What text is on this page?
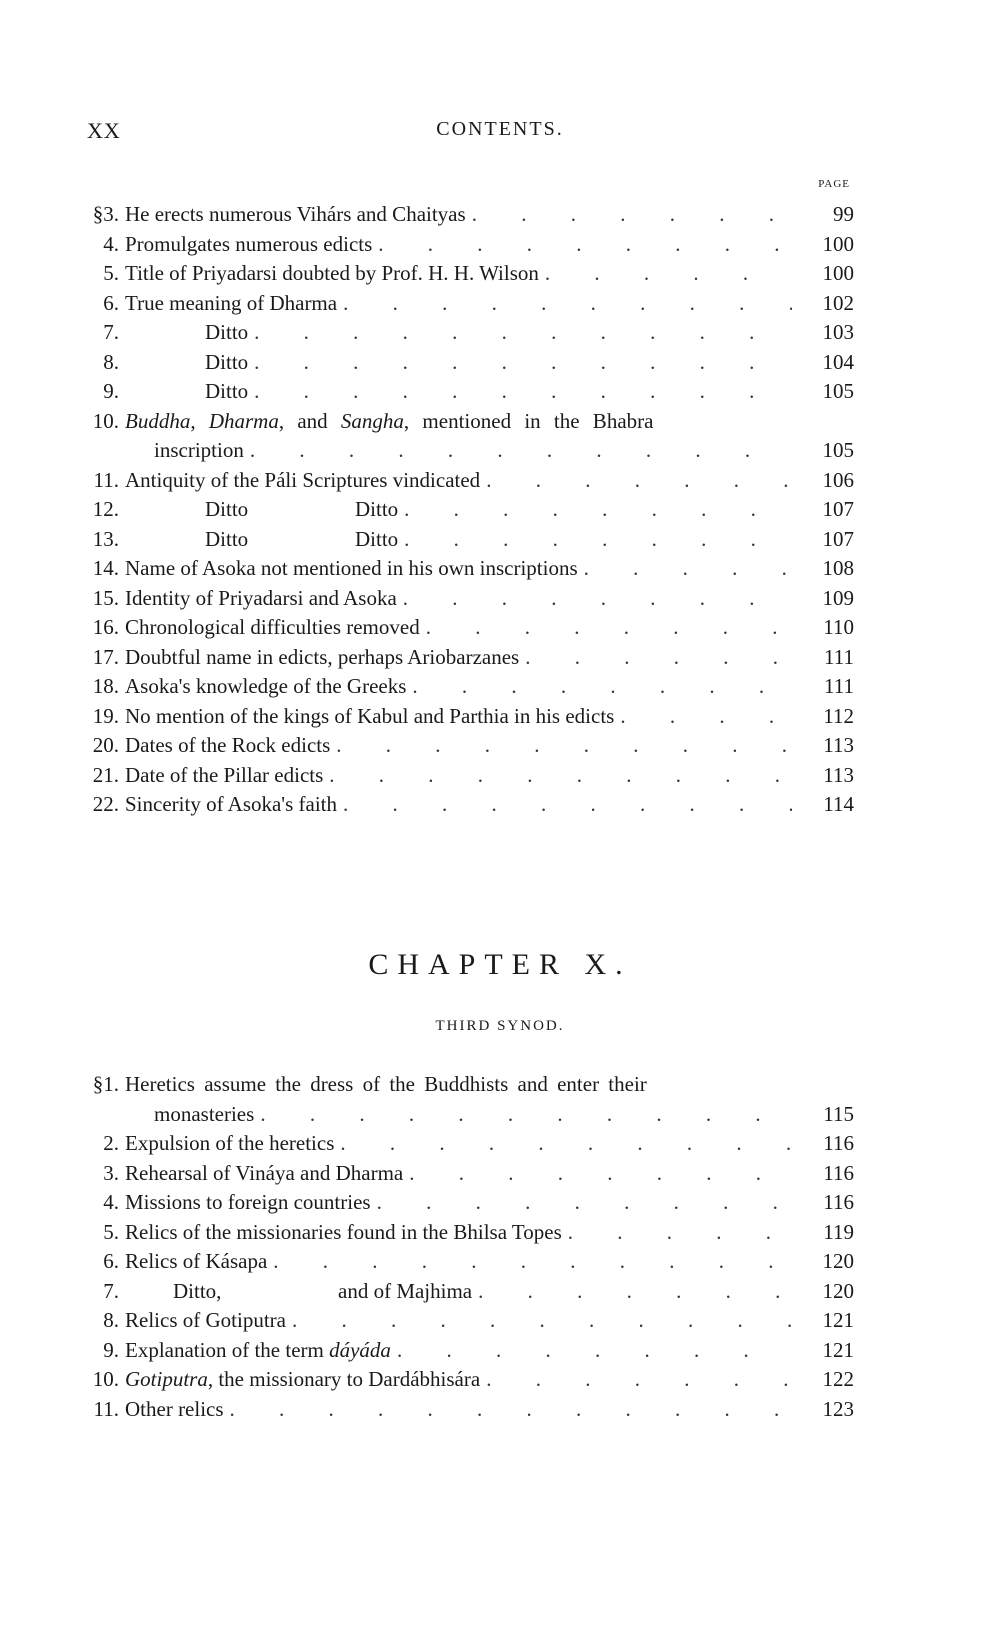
XX	CONTENTS.
PAGE
§3. He erects numerous Vihárs and Chaityas . . .	99
4. Promulgates numerous edicts . . .	100
5. Title of Priyadarsi doubted by Prof. H. H. Wilson . . .	100
6. True meaning of Dharma . . .	102
7.	Ditto . . .	103
8.	Ditto . . .	104
9.	Ditto . . .	105
10. Buddha, Dharma, and Sangha, mentioned in the Bhabra
inscription . . .	105
11. Antiquity of the Páli Scriptures vindicated . . .	106
12.	Ditto	Ditto . . .	107
13.	Ditto	Ditto . . .	107
14. Name of Asoka not mentioned in his own inscriptions . . .	108
15. Identity of Priyadarsi and Asoka . . .	109
16. Chronological difficulties removed . . .	110
17. Doubtful name in edicts, perhaps Ariobarzanes . . .	111
18. Asoka's knowledge of the Greeks . . .	111
19. No mention of the kings of Kabul and Parthia in his edicts . . .	112
20. Dates of the Rock edicts . . .	113
21. Date of the Pillar edicts . . .	113
22. Sincerity of Asoka's faith . . .	114
CHAPTER X.
THIRD SYNOD.
§1. Heretics assume the dress of the Buddhists and enter their
monasteries . . .	115
2. Expulsion of the heretics . . .	116
3. Rehearsal of Vináya and Dharma . . .	116
4. Missions to foreign countries . . .	116
5. Relics of the missionaries found in the Bhilsa Topes . . .	119
6. Relics of Kásapa . . .	120
7.	Ditto,	and of Majhima . . .	120
8. Relics of Gotiputra . . .	121
9. Explanation of the term dáyáda . . .	121
10. Gotiputra, the missionary to Dardábhisára . . .	122
11. Other relics . . .	123
